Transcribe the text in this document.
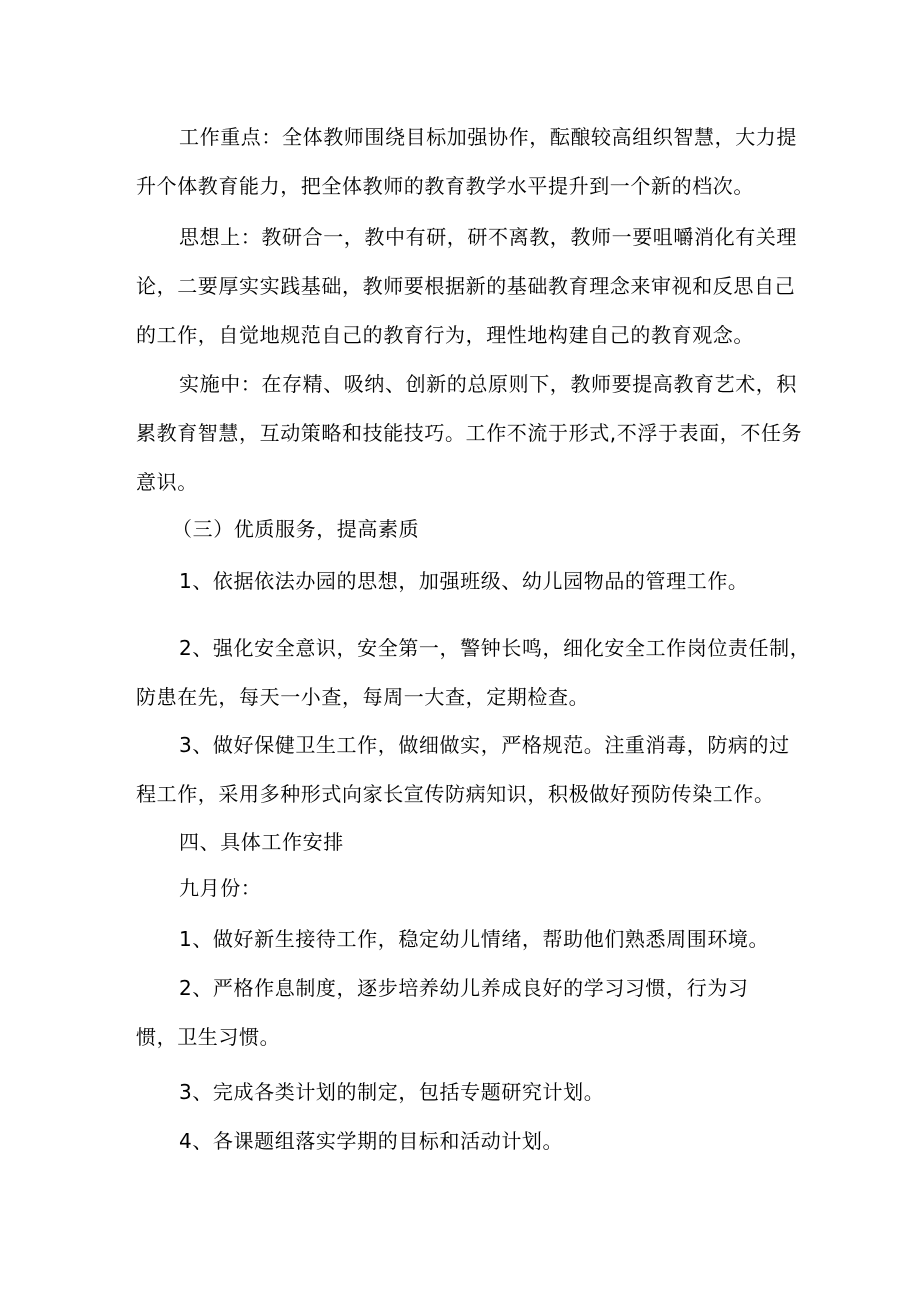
工作重点：全体教师围绕目标加强协作，酝酿较高组织智慧，大力提
升个体教育能力，把全体教师的教育教学水平提升到一个新的档次。
思想上：教研合一，教中有研，研不离教，教师一要咀嚼消化有关理
论，二要厚实实践基础，教师要根据新的基础教育理念来审视和反思自己
的工作，自觉地规范自己的教育行为，理性地构建自己的教育观念。
实施中：在存精、吸纳、创新的总原则下，教师要提高教育艺术，积
累教育智慧，互动策略和技能技巧。工作不流于形式,不浮于表面，不任务
意识。
（三）优质服务，提高素质
1、依据依法办园的思想，加强班级、幼儿园物品的管理工作。
2、强化安全意识，安全第一，警钟长鸣，细化安全工作岗位责任制，
防患在先，每天一小查，每周一大查，定期检查。
3、做好保健卫生工作，做细做实，严格规范。注重消毒，防病的过
程工作，采用多种形式向家长宣传防病知识，积极做好预防传染工作。
四、具体工作安排
九月份：
1、做好新生接待工作，稳定幼儿情绪，帮助他们熟悉周围环境。
2、严格作息制度，逐步培养幼儿养成良好的学习习惯，行为习
惯，卫生习惯。
3、完成各类计划的制定，包括专题研究计划。
4、各课题组落实学期的目标和活动计划。
